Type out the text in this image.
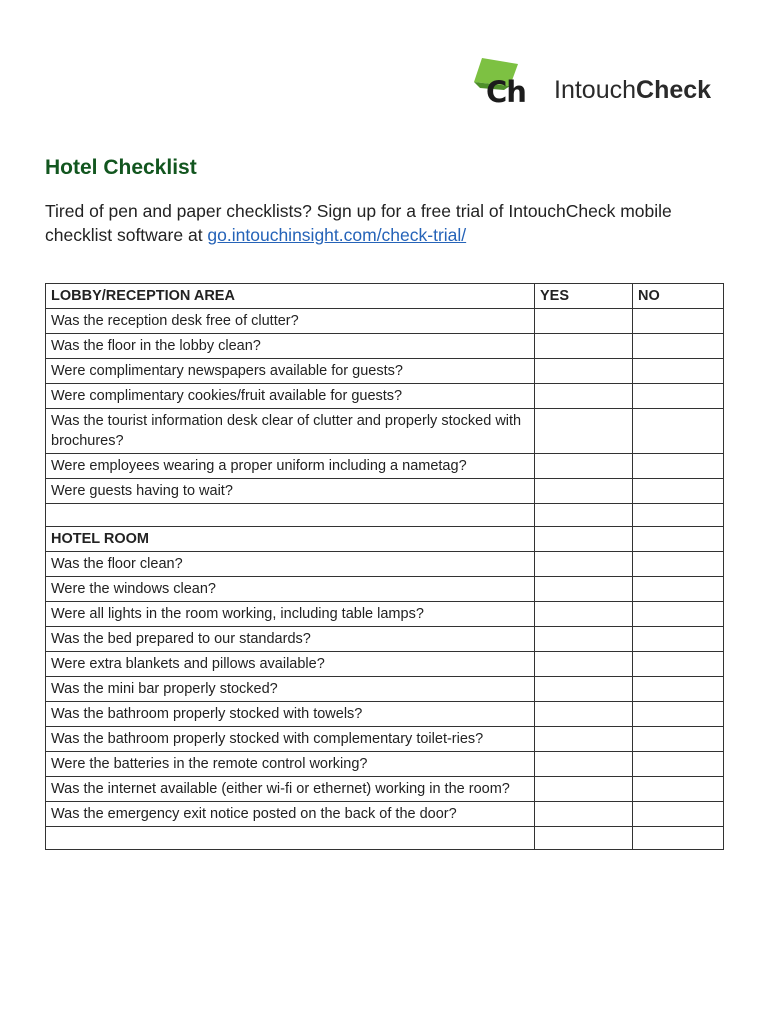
Ch IntouchCheck
Hotel Checklist

Tired of pen and paper checklists? Sign up for a free trial of IntouchCheck mobile checklist software at go.intouchinsight.com/check-trial/

LOBBY/RECEPTION AREA	YES	NO
Was the reception desk free of clutter?		
Was the floor in the lobby clean?		
Were complimentary newspapers available for guests?		
Were complimentary cookies/fruit available for guests?		
Was the tourist information desk clear of clutter and properly stocked with brochures?		
Were employees wearing a proper uniform including a nametag?		
Were guests having to wait?		

HOTEL ROOM		
Was the floor clean?		
Were the windows clean?		
Were all lights in the room working, including table lamps?		
Was the bed prepared to our standards?		
Were extra blankets and pillows available?		
Was the mini bar properly stocked?		
Was the bathroom properly stocked with towels?		
Was the bathroom properly stocked with complementary toilet-ries?		
Were the batteries in the remote control working?		
Was the internet available (either wi-fi or ethernet) working in the room?		
Was the emergency exit notice posted on the back of the door?		
